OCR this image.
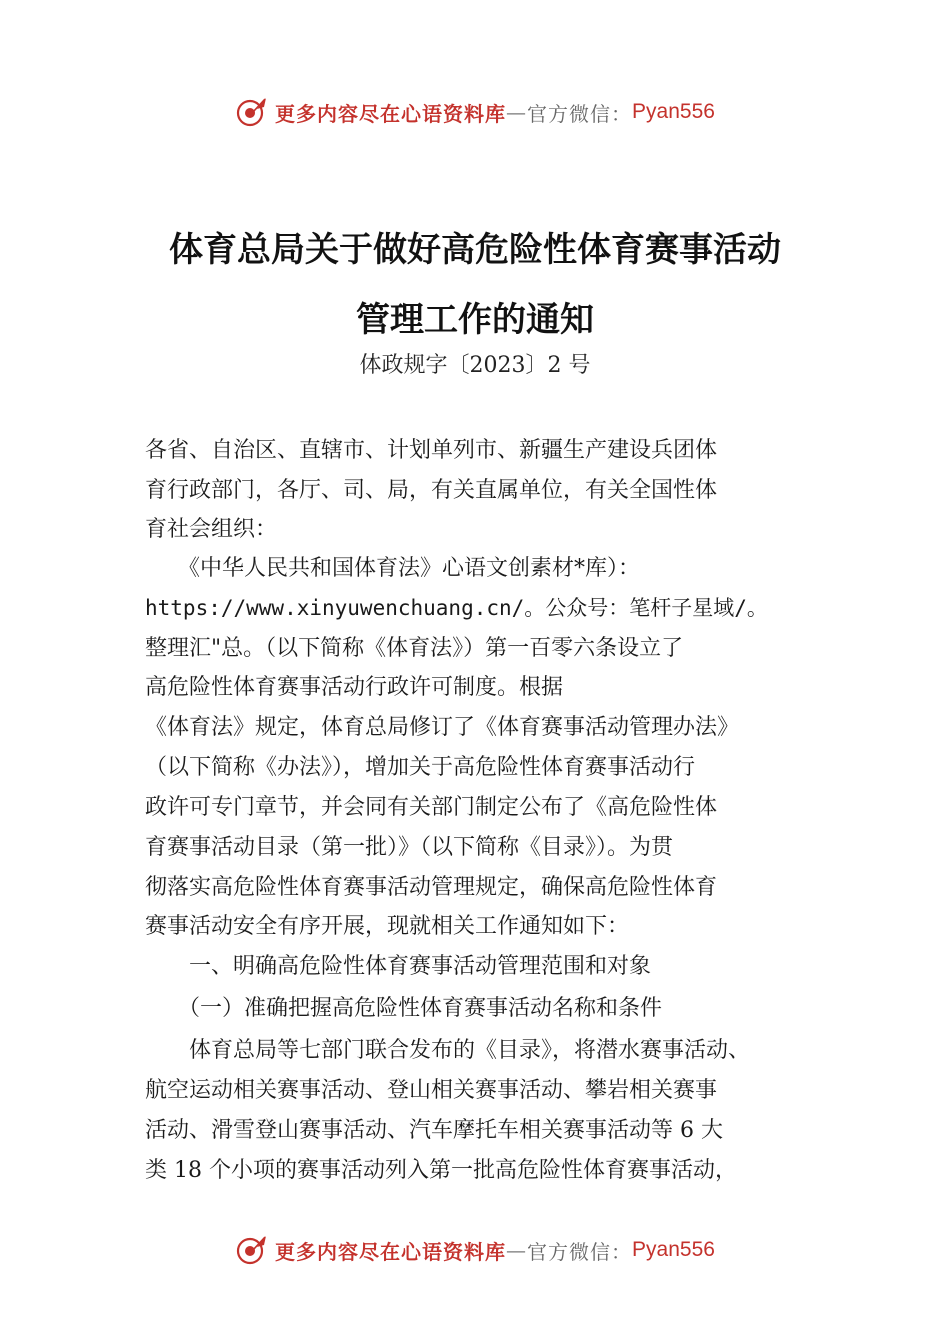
更多内容尽在心语资料库 — 官方微信： Pyan556
体育总局关于做好高危险性体育赛事活动
管理工作的通知
体政规字〔2023〕2 号
各省、自治区、直辖市、计划单列市、新疆生产建设兵团体
育行政部门，各厅、司、局，有关直属单位，有关全国性体
育社会组织：
　　《中华人民共和国体育法》心语文创素材*库）：
https://www.xinyuwenchuang.cn/。公众号：笔杆子星域/。
整理汇"总。（以下简称《体育法》）第一百零六条设立了
高危险性体育赛事活动行政许可制度。根据
《体育法》规定，体育总局修订了《体育赛事活动管理办法》
（以下简称《办法》），增加关于高危险性体育赛事活动行
政许可专门章节，并会同有关部门制定公布了《高危险性体
育赛事活动目录（第一批）》（以下简称《目录》）。为贯
彻落实高危险性体育赛事活动管理规定，确保高危险性体育
赛事活动安全有序开展，现就相关工作通知如下：
　　一、明确高危险性体育赛事活动管理范围和对象
　　（一）准确把握高危险性体育赛事活动名称和条件
　　体育总局等七部门联合发布的《目录》，将潜水赛事活动、
航空运动相关赛事活动、登山相关赛事活动、攀岩相关赛事
活动、滑雪登山赛事活动、汽车摩托车相关赛事活动等 6 大
类 18 个小项的赛事活动列入第一批高危险性体育赛事活动，
更多内容尽在心语资料库 — 官方微信： Pyan556
